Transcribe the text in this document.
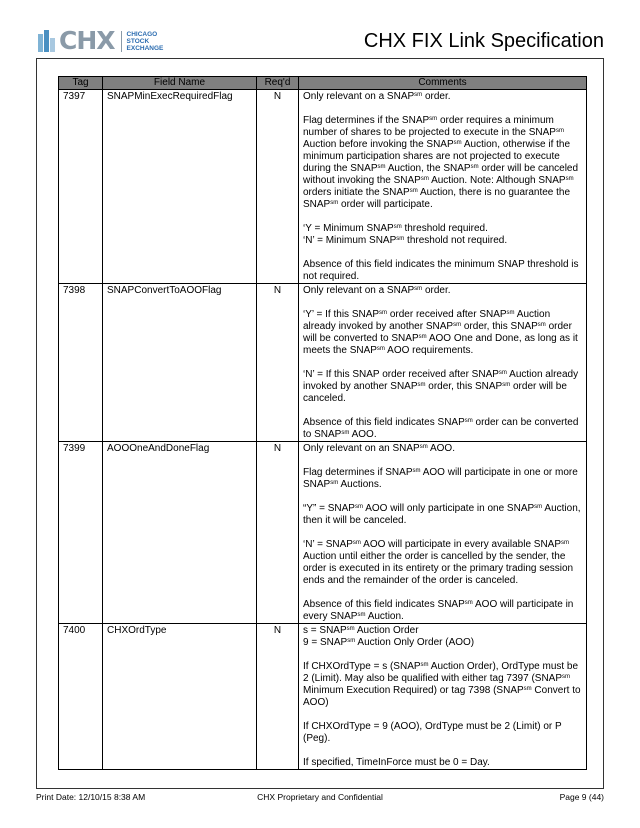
CHX CHICAGO
STOCK
EXCHANGE	CHX FIX Link Specification
Tag	Field Name	Req'd	Comments
7397	SNAPMinExecRequiredFlag	N	Only relevant on a $SNAP^{sm}$ order.

Flag determines if the $SNAP^{sm}$ order requires a minimum number of shares to be projected to execute in the $SNAP^{sm}$ Auction before invoking the $SNAP^{sm}$ Auction, otherwise if the minimum participation shares are not projected to execute during the $SNAP^{sm}$ Auction, the $SNAP^{sm}$ order will be canceled without invoking the $SNAP^{sm}$ Auction. Note: Although $SNAP^{sm}$ orders initiate the $SNAP^{sm}$ Auction, there is no guarantee the $SNAP^{sm}$ order will participate.

‘Y = Minimum $SNAP^{sm}$ threshold required.
‘N’ = Minimum $SNAP^{sm}$ threshold not required.

Absence of this field indicates the minimum SNAP threshold is not required.

7398	SNAPConvertToAOOFlag	N	Only relevant on a $SNAP^{sm}$ order.

‘Y’ = If this $SNAP^{sm}$ order received after $SNAP^{sm}$ Auction already invoked by another $SNAP^{sm}$ order, this $SNAP^{sm}$ order will be converted to $SNAP^{sm}$ AOO One and Done, as long as it meets the $SNAP^{sm}$ AOO requirements.

‘N’ = If this SNAP order received after $SNAP^{sm}$ Auction already invoked by another $SNAP^{sm}$ order, this $SNAP^{sm}$ order will be canceled.

Absence of this field indicates $SNAP^{sm}$ order can be converted to $SNAP^{sm}$ AOO.

7399	AOOOneAndDoneFlag	N	Only relevant on an $SNAP^{sm}$ AOO.

Flag determines if $SNAP^{sm}$ AOO will participate in one or more $SNAP^{sm}$ Auctions.

“Y” = $SNAP^{sm}$ AOO will only participate in one $SNAP^{sm}$ Auction, then it will be canceled.

‘N’ = $SNAP^{sm}$ AOO will participate in every available $SNAP^{sm}$ Auction until either the order is cancelled by the sender, the order is executed in its entirety or the primary trading session ends and the remainder of the order is canceled.

Absence of this field indicates $SNAP^{sm}$ AOO will participate in every $SNAP^{sm}$ Auction.

7400	CHXOrdType	N	$s = SNAP^{sm}$ Auction Order
$9 = SNAP^{sm}$ Auction Only Order (AOO)

If CHXOrdType = s ($SNAP^{sm}$ Auction Order), OrdType must be 2 (Limit). May also be qualified with either tag 7397 ($SNAP^{sm}$ Minimum Execution Required) or tag 7398 ($SNAP^{sm}$ Convert to AOO)

If CHXOrdType = 9 (AOO), OrdType must be 2 (Limit) or P (Peg).

If specified, TimeInForce must be 0 = Day.

Print Date: 12/10/15 8:38 AM	CHX Proprietary and Confidential	Page 9 (44)
